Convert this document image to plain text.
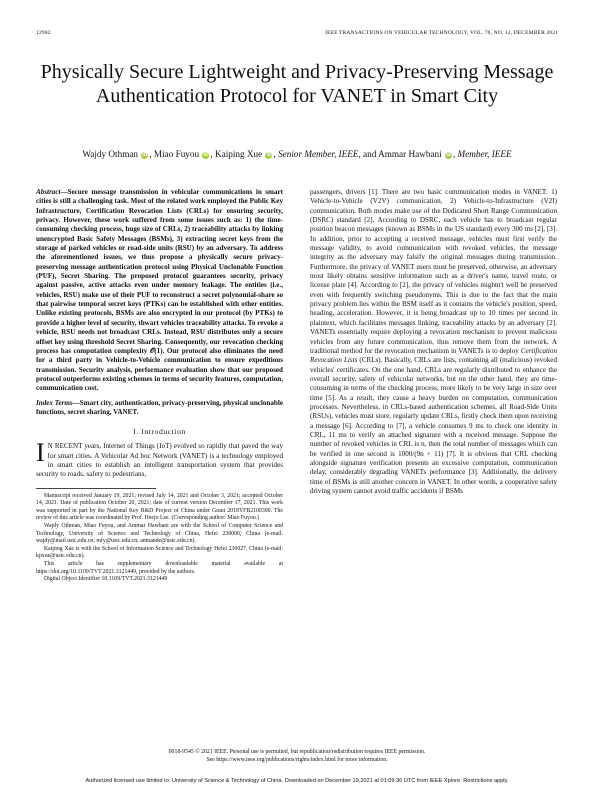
12902	IEEE TRANSACTIONS ON VEHICULAR TECHNOLOGY, VOL. 70, NO. 12, DECEMBER 2021
Physically Secure Lightweight and Privacy-Preserving Message Authentication Protocol for VANET in Smart City
Wajdy Othman iD , Miao Fuyou iD , Kaiping Xue iD , Senior Member, IEEE, and Ammar Hawbani iD , Member, IEEE

Abstract—Secure message transmission in vehicular communications in smart cities is still a challenging task. Most of the related work employed the Public Key Infrastructure, Certification Revocation Lists (CRLs) for ensuring security, privacy. However, these work suffered from some issues such as: 1) the time-consuming checking process, huge size of CRLs, 2) traceability attacks by linking unencrypted Basic Safety Messages (BSMs), 3) extracting secret keys from the storage of parked vehicles or road-side units (RSU) by an adversary. To address the aforementioned issues, we thus propose a physically secure privacy-preserving message authentication protocol using Physical Unclonable Function (PUF), Secret Sharing. The proposed protocol guarantees security, privacy against passive, active attacks even under memory leakage. The entities (i.e., vehicles, RSU) make use of their PUF to reconstruct a secret polynomial-share so that pairwise temporal secret keys (PTKs) can be established with other entities. Unlike existing protocols, BSMs are also encrypted in our protocol (by PTKs) to provide a higher level of security, thwart vehicles traceability attacks. To revoke a vehicle, RSU needs not broadcast CRLs. Instead, RSU distributes only a secure offset key using threshold Secret Sharing. Consequently, our revocation checking process has computation complexity 𝒪(1). Our protocol also eliminates the need for a third party in Vehicle-to-Vehicle communication to ensure expeditious transmission. Security analysis, performance evaluation show that our proposed protocol outperforms existing schemes in terms of security features, computation, communication cost.

Index Terms—Smart city, authentication, privacy-preserving, physical unclonable functions, secret sharing, VANET.

I. Introduction

I N RECENT years, Internet of Things (IoT) evolved so rapidly that paved the way for smart cities. A Vehicular Ad hoc Network (VANET) is a technology employed in smart cities to establish an intelligent transportation system that provides security to roads, safety to pedestrians,

Manuscript received January 19, 2021; revised July 14, 2021 and October 3, 2021; accepted October 14, 2021. Date of publication October 20, 2021; date of current version December 17, 2021. This work was supported in part by the National Key R&D Project of China under Grant 2018YFB2100300. The review of this article was coordinated by Prof. Heejo Lee. (Corresponding author: Miao Fuyou.)

Wajdy Othman, Miao Fuyou, and Ammar Hawbani are with the School of Computer Science and Technology, University of Science and Technology of China, Hefei 230000, China (e-mail: wajdy@mail.ustc.edu.cn; mfy@ustc.edu.cn; anmande@ustc.edu.cn).

Kaiping Xue is with the School of Information Science and Technology Hefei 230027, China (e-mail: kpxue@ustc.edu.cn).

This article has supplementary downloadable material available at https://doi.org/10.1109/TVT.2021.3121449, provided by the authors.

Digital Object Identifier 10.1109/TVT.2021.3121449

passengers, drivers [1]. There are two basic communication modes in VANET: 1) Vehicle-to-Vehicle (V2V) communication, 2) Vehicle-to-Infrastructure (V2I) communication. Both modes make use of the Dedicated Short Range Communication (DSRC) standard [2]. According to DSRC, each vehicle has to broadcast regular position beacon messages (known as BSMs in the US standard) every 300 ms [2], [3]. In addition, prior to accepting a received message, vehicles must first verify the message validity, to avoid communication with revoked vehicles, the message integrity as the adversary may falsify the original messages during transmission. Furthermore, the privacy of VANET users must be preserved, otherwise, an adversary most likely obtains sensitive information such as a driver's name, travel route, or license plate [4]. According to [2], the privacy of vehicles mightn't well be preserved even with frequently switching pseudonyms. This is due to the fact that the main privacy problem lies within the BSM itself as it contains the vehicle's position, speed, heading, acceleration. However, it is being broadcast up to 10 times per second in plaintext, which facilitates messages linking, traceability attacks by an adversary [2]. VANETs essentially require deploying a revocation mechanism to prevent malicious vehicles from any future communication, thus remove them from the network. A traditional method for the revocation mechanism in VANETs is to deploy Certification Revocation Lists (CRLs). Basically, CRLs are lists, containing all (malicious) revoked vehicles' certificates. On the one hand, CRLs are regularly distributed to enhance the overall security, safety of vehicular networks, but on the other hand, they are time-consuming in terms of the checking process, more likely to be very large in size over time [5]. As a result, they cause a heavy burden on computation, communication processes. Nevertheless, in CRLs-based authentication schemes, all Road-Side Units (RSUs), vehicles must store, regularly update CRLs, firstly check them upon receiving a message [6]. According to [7], a vehicle consumes 9 ms to check one identity in CRL, 11 ms to verify an attached signature with a received message. Suppose the number of revoked vehicles in CRL is n, then the total number of messages which can be verified in one second is 1000/(9n + 11) [7]. It is obvious that CRL checking alongside signature verification presents an excessive computation, communication delay, considerably degrading VANETs performance [3]. Additionally, the delivery time of BSMs is still another concern in VANET. In other words, a cooperative safety driving system cannot avoid traffic accidents if BSMs

0018-9545 © 2021 IEEE. Personal use is permitted, but republication/redistribution requires IEEE permission.
See https://www.ieee.org/publications/rights/index.html for more information.
Authorized licensed use limited to: University of Science & Technology of China. Downloaded on December 19,2021 at 01:09:36 UTC from IEEE Xplore. Restrictions apply.
